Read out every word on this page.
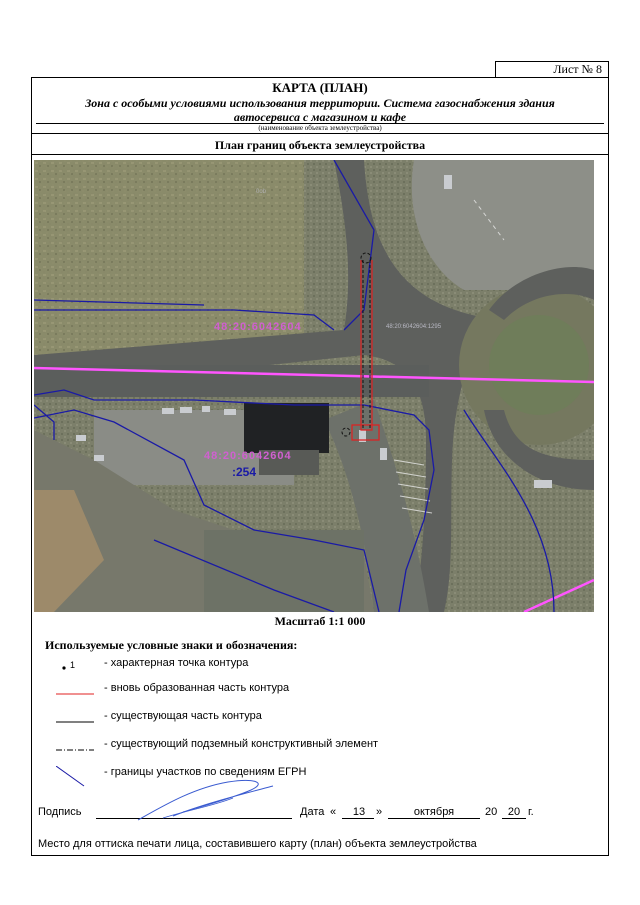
Лист № 8
КАРТА (ПЛАН)
Зона с особыми условиями использования территории. Система газоснабжения здания автосервиса с магазином и кафе
(наименование объекта землеустройства)
План границ объекта землеустройства
48:20:6042604
48:20:6042604
:254
48:20:6042604:1295
0ob
Масштаб 1:1 000
Используемые условные знаки и обозначения:
1	- характерная точка контура
- вновь образованная часть контура
- существующая часть контура
- существующий подземный конструктивный элемент
- границы участков по сведениям ЕГРН
Подпись	Дата «	13 »	октября	20 20 г.
Место для оттиска печати лица, составившего карту (план) объекта землеустройства
